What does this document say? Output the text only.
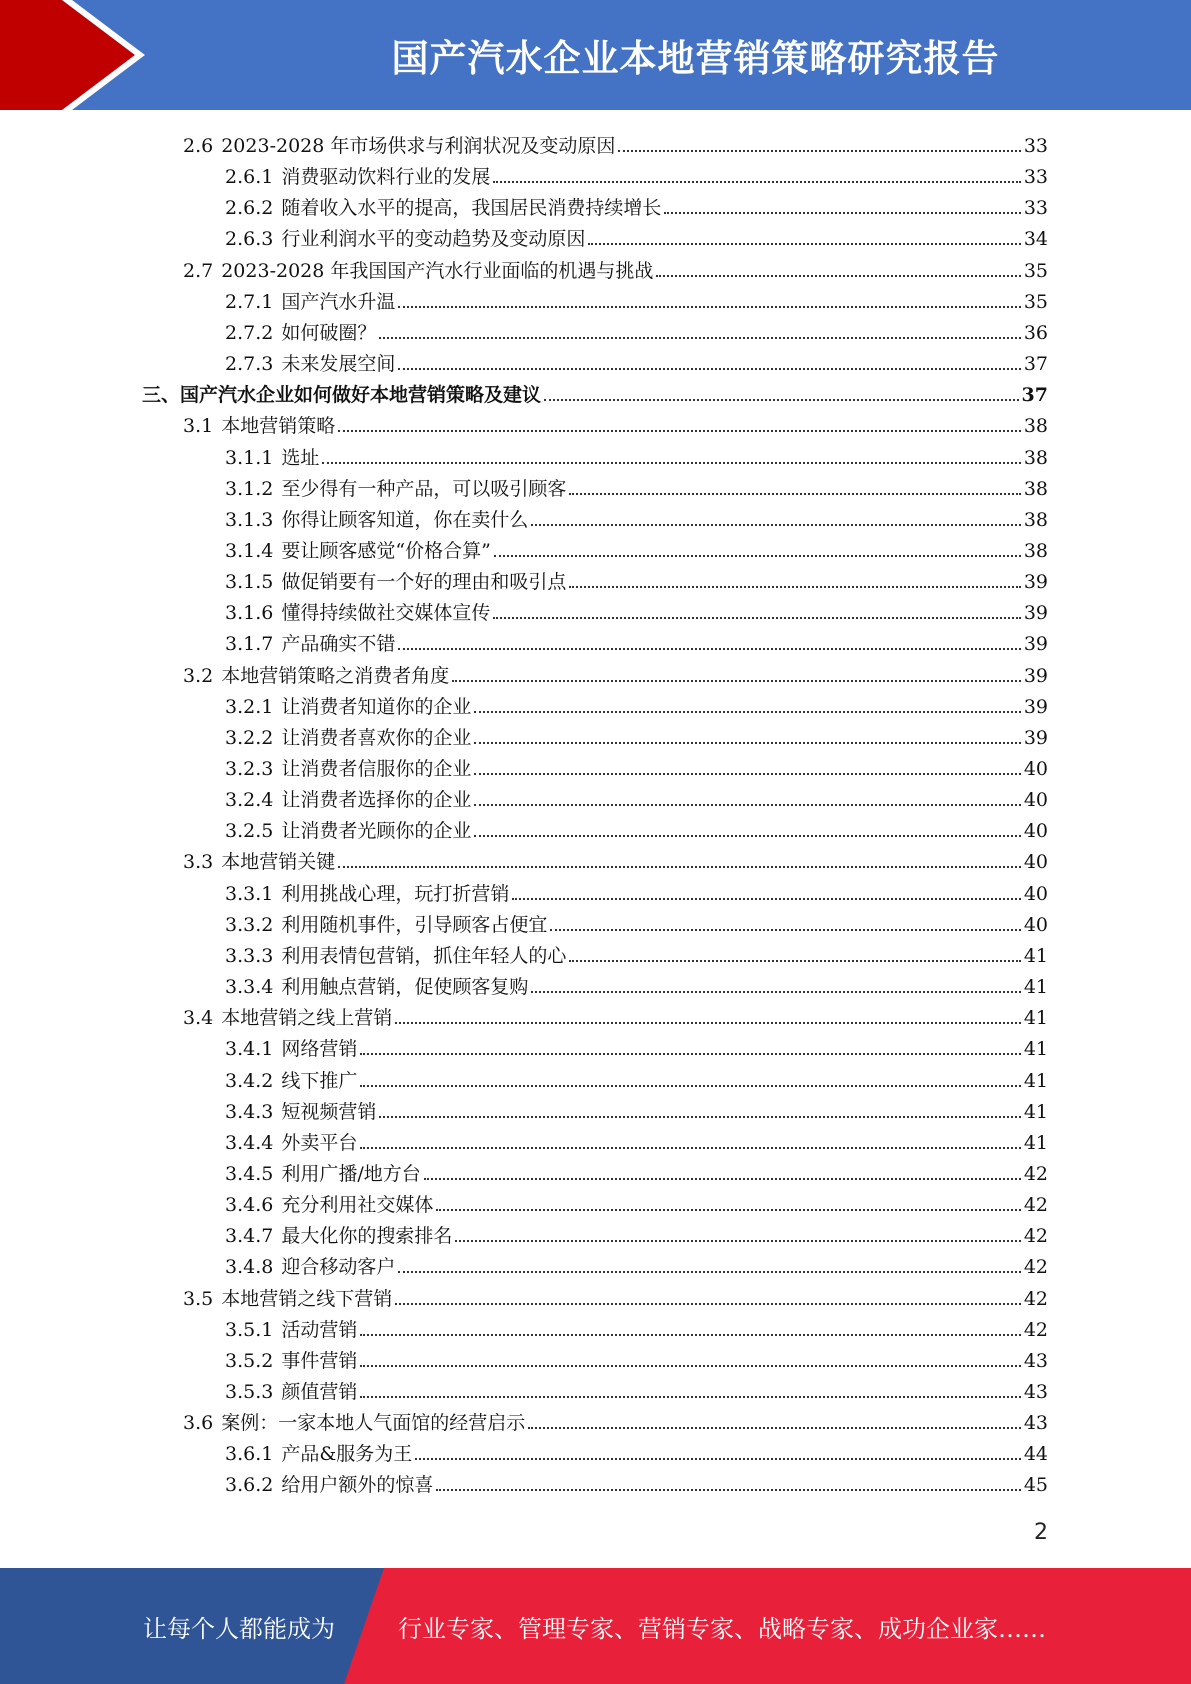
国产汽水企业本地营销策略研究报告
2.6 2023-2028 年市场供求与利润状况及变动原因	33
2.6.1 消费驱动饮料行业的发展	33
2.6.2 随着收入水平的提高，我国居民消费持续增长	33
2.6.3 行业利润水平的变动趋势及变动原因	34
2.7 2023-2028 年我国国产汽水行业面临的机遇与挑战	35
2.7.1 国产汽水升温	35
2.7.2 如何破圈？	36
2.7.3 未来发展空间	37
三、 国产汽水企业如何做好本地营销策略及建议	37
3.1 本地营销策略	38
3.1.1 选址	38
3.1.2 至少得有一种产品，可以吸引顾客	38
3.1.3 你得让顾客知道，你在卖什么	38
3.1.4 要让顾客感觉“价格合算”	38
3.1.5 做促销要有一个好的理由和吸引点	39
3.1.6 懂得持续做社交媒体宣传	39
3.1.7 产品确实不错	39
3.2 本地营销策略之消费者角度	39
3.2.1 让消费者知道你的企业	39
3.2.2 让消费者喜欢你的企业	39
3.2.3 让消费者信服你的企业	40
3.2.4 让消费者选择你的企业	40
3.2.5 让消费者光顾你的企业	40
3.3 本地营销关键	40
3.3.1 利用挑战心理，玩打折营销	40
3.3.2 利用随机事件，引导顾客占便宜	40
3.3.3 利用表情包营销，抓住年轻人的心	41
3.3.4 利用触点营销，促使顾客复购	41
3.4 本地营销之线上营销	41
3.4.1 网络营销	41
3.4.2 线下推广	41
3.4.3 短视频营销	41
3.4.4 外卖平台	41
3.4.5 利用广播/地方台	42
3.4.6 充分利用社交媒体	42
3.4.7 最大化你的搜索排名	42
3.4.8 迎合移动客户	42
3.5 本地营销之线下营销	42
3.5.1 活动营销	42
3.5.2 事件营销	43
3.5.3 颜值营销	43
3.6 案例：一家本地人气面馆的经营启示	43
3.6.1 产品&服务为王	44
3.6.2 给用户额外的惊喜	45
2
让每个人都能成为	行业专家、管理专家、营销专家、战略专家、成功企业家……
